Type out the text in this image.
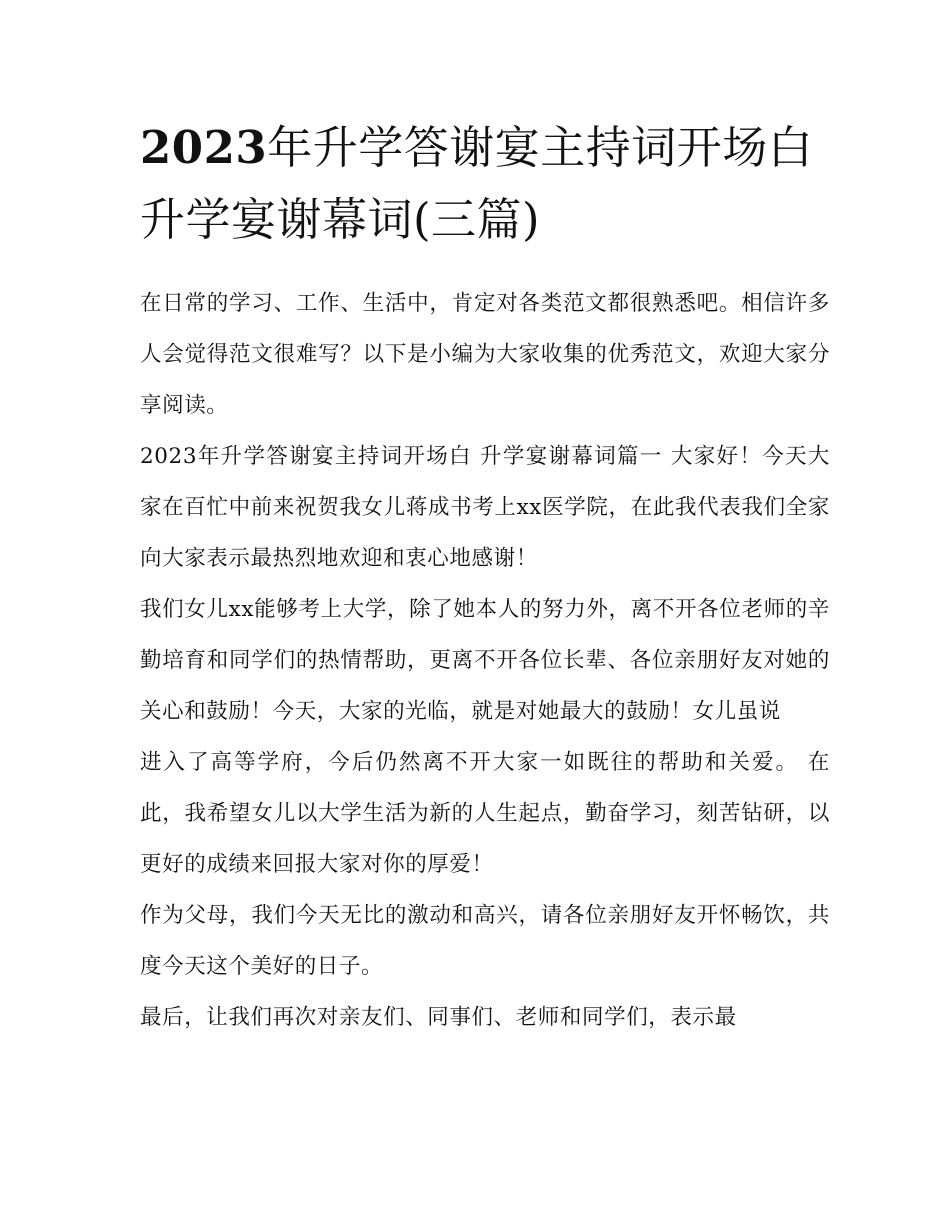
2023年升学答谢宴主持词开场白 升学宴谢幕词(三篇)

在日常的学习、工作、生活中，肯定对各类范文都很熟悉吧。相信许多人会觉得范文很难写？以下是小编为大家收集的优秀范文，欢迎大家分享阅读。

2023年升学答谢宴主持词开场白 升学宴谢幕词篇一 大家好！今天大家在百忙中前来祝贺我女儿蒋成书考上xx医学院，在此我代表我们全家向大家表示最热烈地欢迎和衷心地感谢！

我们女儿xx能够考上大学，除了她本人的努力外，离不开各位老师的辛勤培育和同学们的热情帮助，更离不开各位长辈、各位亲朋好友对她的关心和鼓励！今天，大家的光临，就是对她最大的鼓励！女儿虽说

进入了高等学府，今后仍然离不开大家一如既往的帮助和关爱。 在此，我希望女儿以大学生活为新的人生起点，勤奋学习，刻苦钻研，以更好的成绩来回报大家对你的厚爱！

作为父母，我们今天无比的激动和高兴，请各位亲朋好友开怀畅饮，共度今天这个美好的日子。

最后，让我们再次对亲友们、同事们、老师和同学们，表示最
